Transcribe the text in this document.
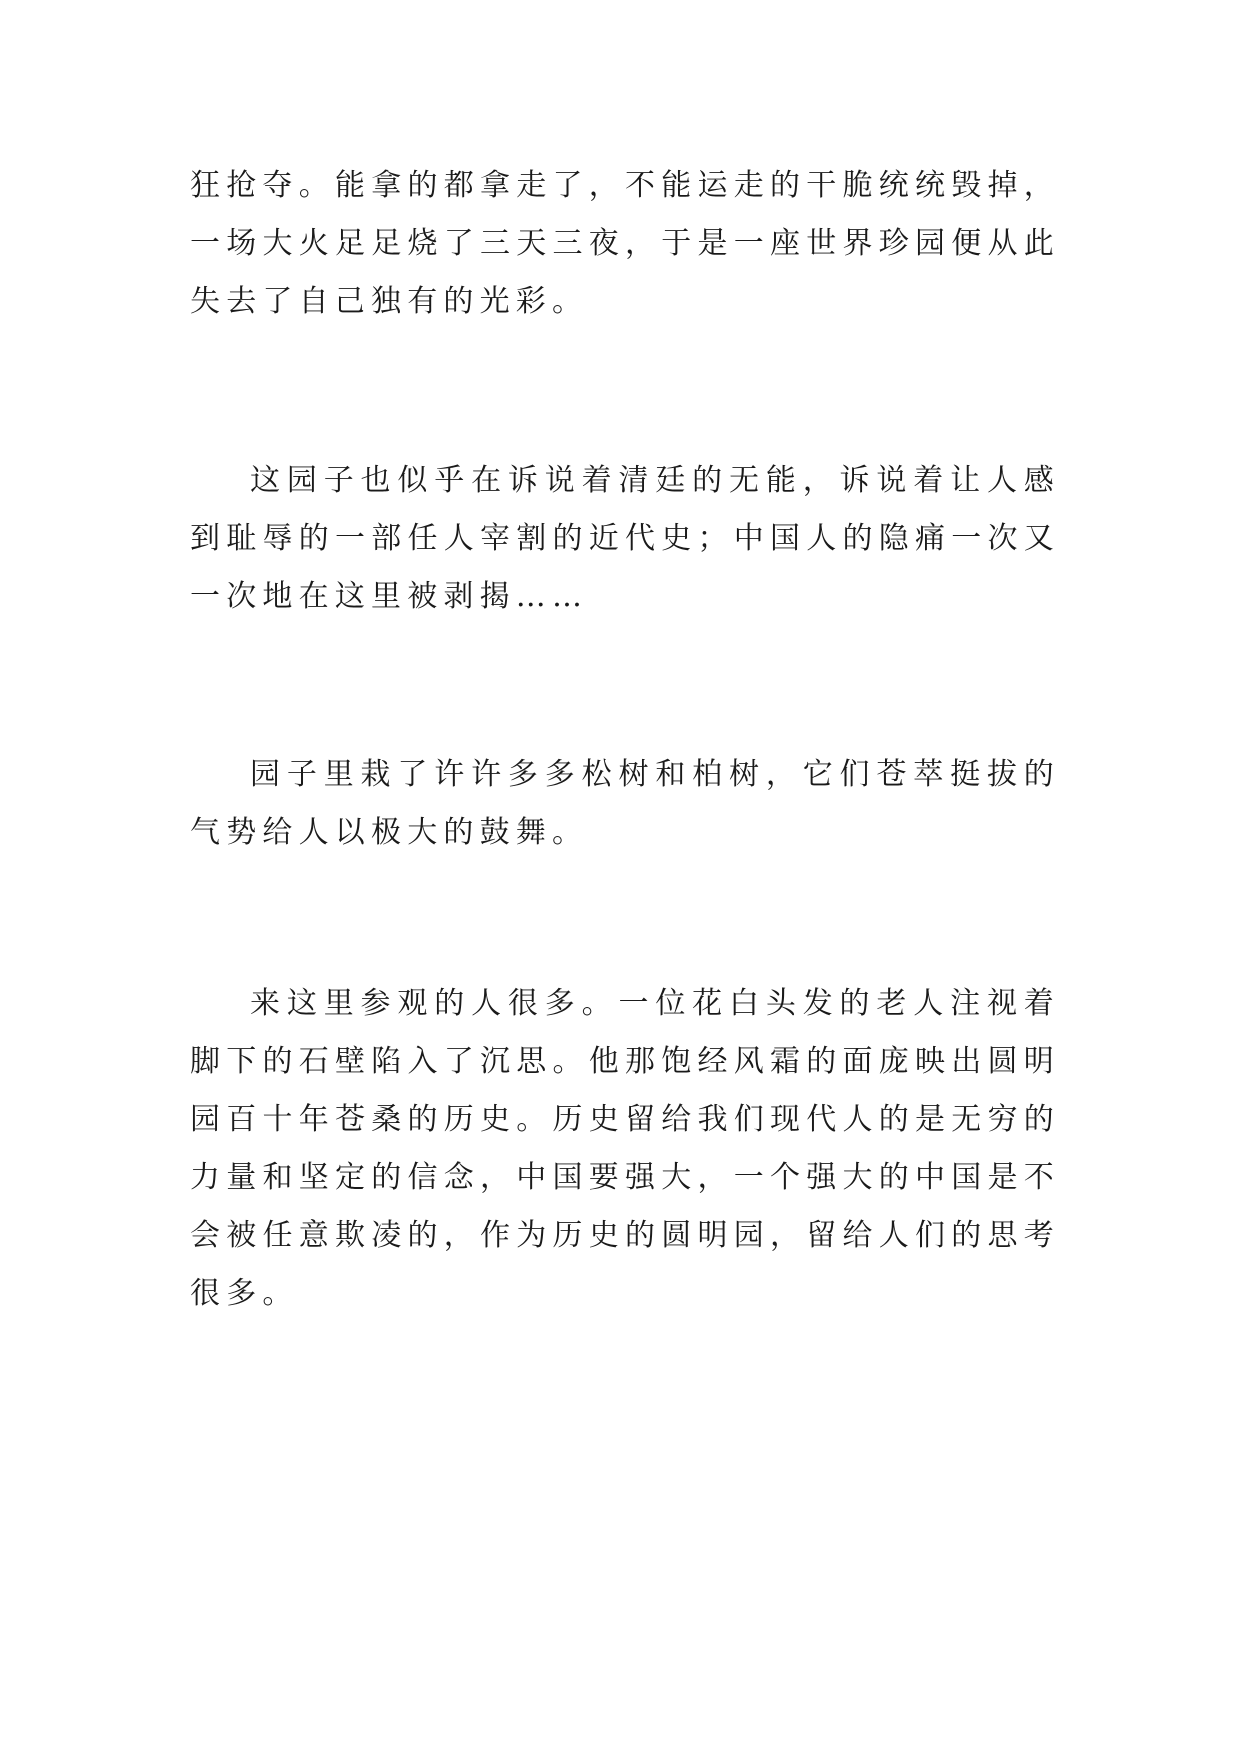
狂抢夺。能拿的都拿走了，不能运走的干脆统统毁掉，一场大火足足烧了三天三夜，于是一座世界珍园便从此失去了自己独有的光彩。

这园子也似乎在诉说着清廷的无能，诉说着让人感到耻辱的一部任人宰割的近代史；中国人的隐痛一次又一次地在这里被剥揭……

园子里栽了许许多多松树和柏树，它们苍萃挺拔的气势给人以极大的鼓舞。

来这里参观的人很多。一位花白头发的老人注视着脚下的石壁陷入了沉思。他那饱经风霜的面庞映出圆明园百十年苍桑的历史。历史留给我们现代人的是无穷的力量和坚定的信念，中国要强大，一个强大的中国是不会被任意欺凌的，作为历史的圆明园，留给人们的思考很多。
